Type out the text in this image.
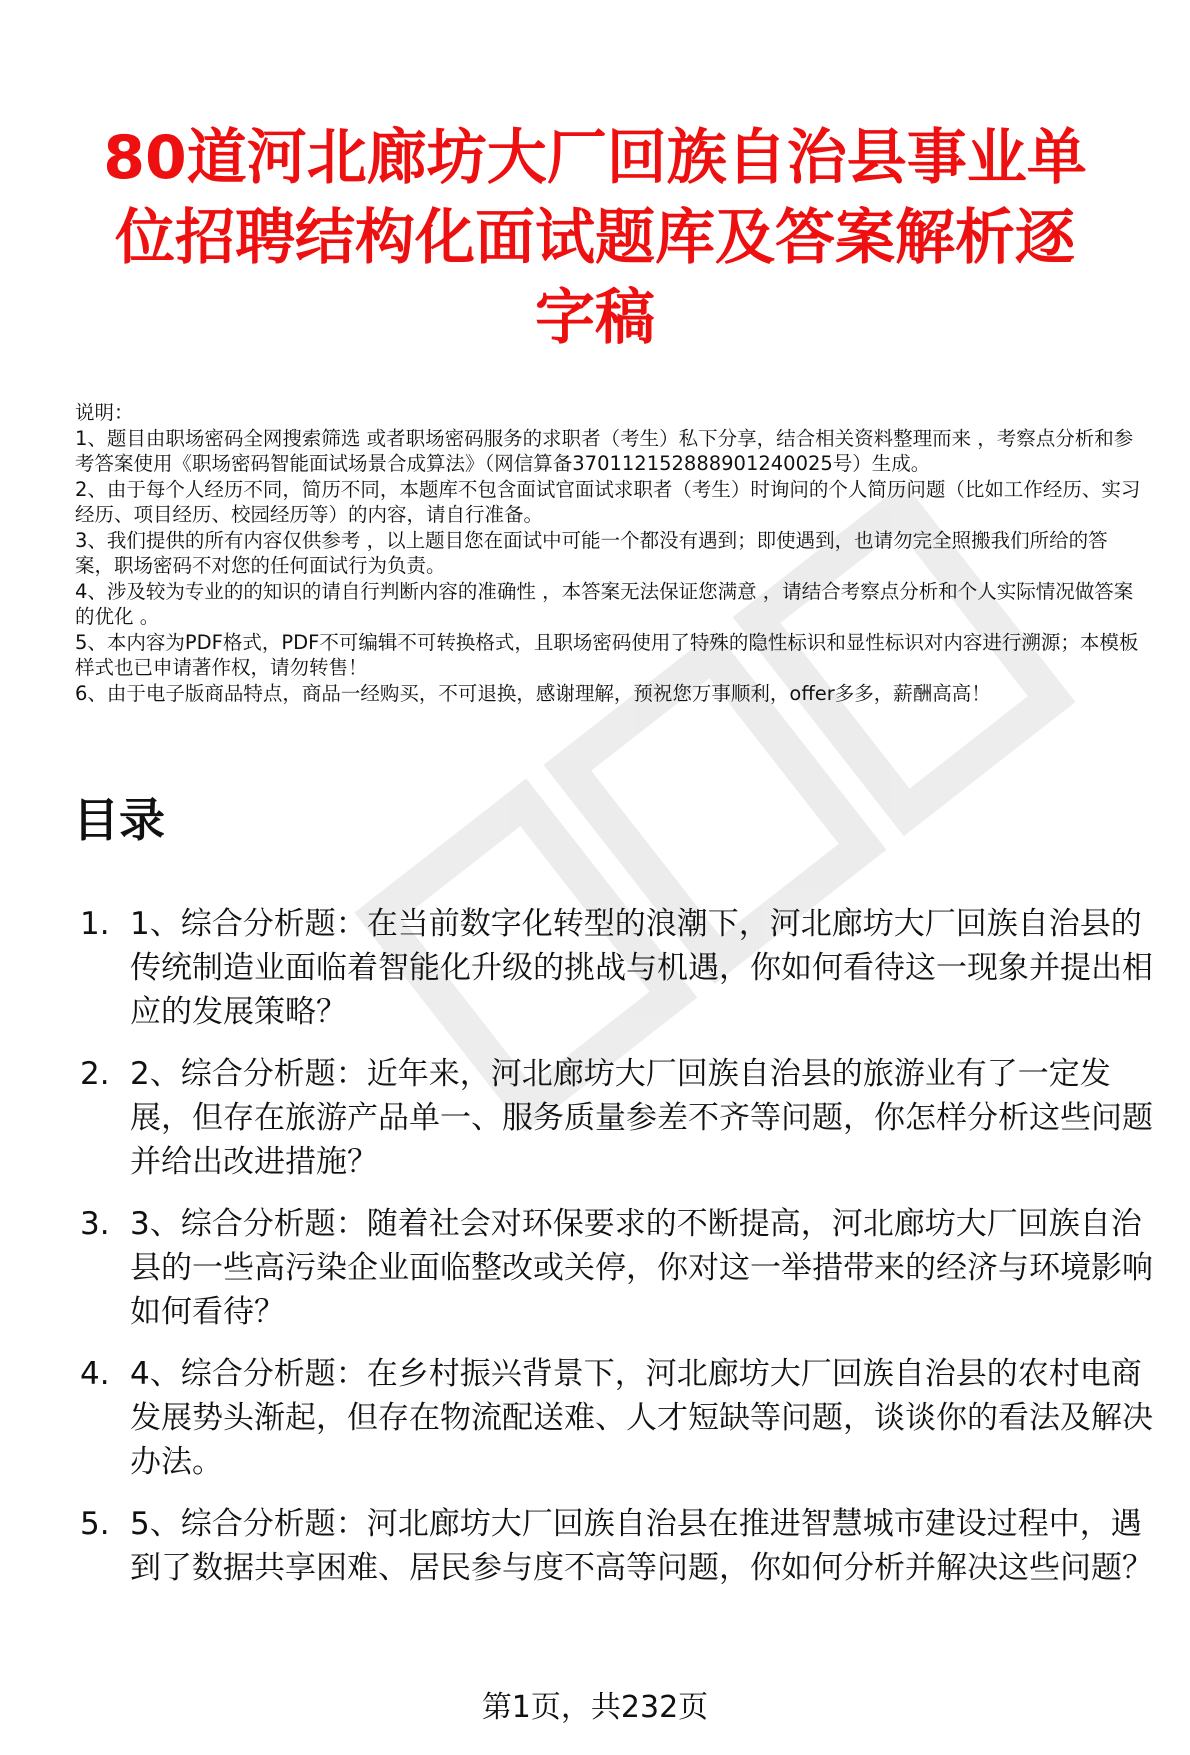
80道河北廊坊大厂回族自治县事业单位招聘结构化面试题库及答案解析逐字稿

说明：

1、题目由职场密码全网搜索筛选 或者职场密码服务的求职者（考生）私下分享，结合相关资料整理而来 ，考察点分析和参考答案使用《职场密码智能面试场景合成算法》（网信算备370112152888901240025号）生成。

2、由于每个人经历不同，简历不同，本题库不包含面试官面试求职者（考生）时询问的个人简历问题（比如工作经历、实习经历、项目经历、校园经历等）的内容，请自行准备。

3、我们提供的所有内容仅供参考 ，以上题目您在面试中可能一个都没有遇到；即使遇到，也请勿完全照搬我们所给的答案，职场密码不对您的任何面试行为负责。

4、涉及较为专业的的知识的请自行判断内容的准确性 ，本答案无法保证您满意 ，请结合考察点分析和个人实际情况做答案的优化 。

5、本内容为PDF格式，PDF不可编辑不可转换格式，且职场密码使用了特殊的隐性标识和显性标识对内容进行溯源；本模板样式也已申请著作权，请勿转售！

6、由于电子版商品特点，商品一经购买，不可退换，感谢理解，预祝您万事顺利，offer多多，薪酬高高！

目录
1. 1、综合分析题：在当前数字化转型的浪潮下，河北廊坊大厂回族自治县的传统制造业面临着智能化升级的挑战与机遇，你如何看待这一现象并提出相应的发展策略？
2. 2、综合分析题：近年来，河北廊坊大厂回族自治县的旅游业有了一定发展，但存在旅游产品单一、服务质量参差不齐等问题，你怎样分析这些问题并给出改进措施？
3. 3、综合分析题：随着社会对环保要求的不断提高，河北廊坊大厂回族自治县的一些高污染企业面临整改或关停，你对这一举措带来的经济与环境影响如何看待？
4. 4、综合分析题：在乡村振兴背景下，河北廊坊大厂回族自治县的农村电商发展势头渐起，但存在物流配送难、人才短缺等问题，谈谈你的看法及解决办法。
5. 5、综合分析题：河北廊坊大厂回族自治县在推进智慧城市建设过程中，遇到了数据共享困难、居民参与度不高等问题，你如何分析并解决这些问题？
第1页，共232页
